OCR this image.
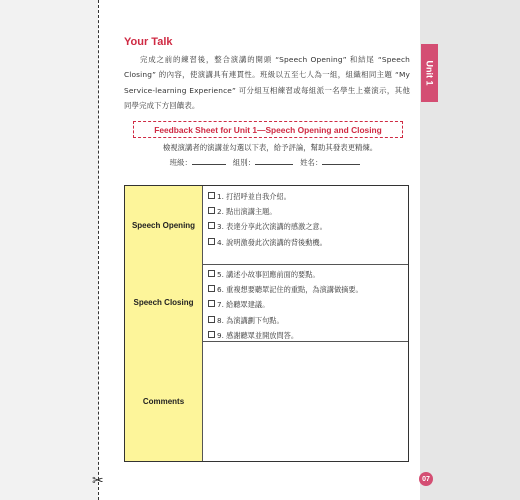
✂
Unit 1
07
Your Talk
完成之前的練習後，整合演講的開頭 “Speech Opening” 和結尾 “Speech Closing” 的內容，使演講具有連貫性。班級以五至七人為一組，組織相同主題 “My Service-learning Experience” 可分組互相練習或每組派一名學生上臺演示，其他同學完成下方回饋表。
Feedback Sheet for Unit 1—Speech Opening and Closing
檢視演講者的演講並勾選以下表，給予評論，幫助其發表更精煉。
班級：	組別：	姓名：
Speech Opening
1. 打招呼並自我介紹。
2. 點出演講主題。
3. 表達分享此次演講的感激之意。
4. 說明激發此次演講的背後動機。
Speech Closing
5. 講述小故事回應前面的要點。
6. 重複想要聽眾記住的重點，為演講做摘要。
7. 給聽眾建議。
8. 為演講劃下句點。
9. 感謝聽眾並開放問答。
Comments
